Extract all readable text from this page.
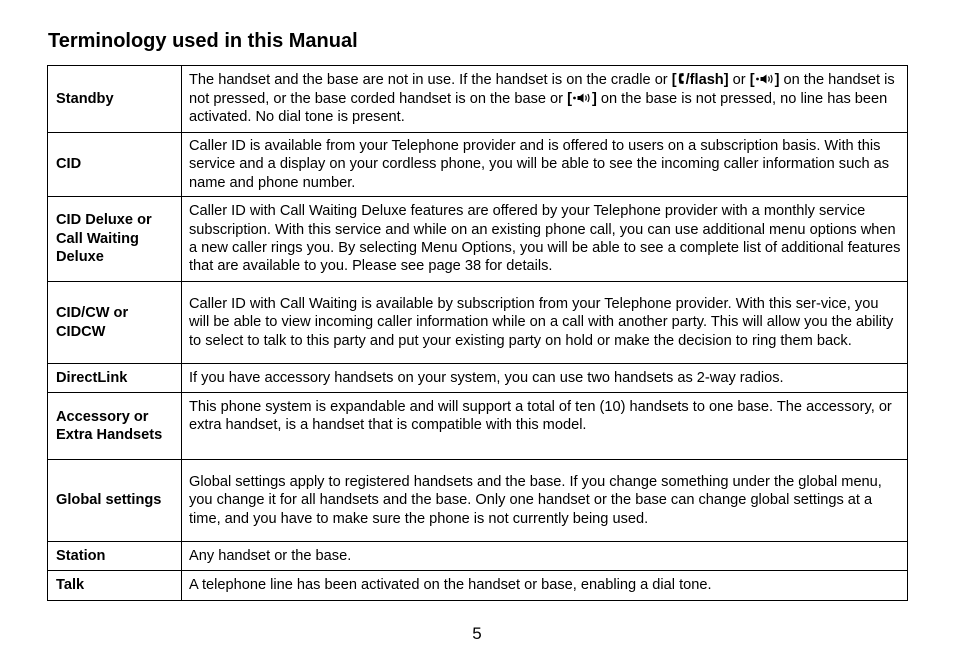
Terminology used in this Manual
Standby	The handset and the base are not in use. If the handset is on the cradle or [ /flash] or [ ] on the handset is not pressed, or the base corded handset is on the base or [ ] on the base is not pressed, no line has been activated. No dial tone is present.
CID	Caller ID is available from your Telephone provider and is offered to users on a subscription basis. With this service and a display on your cordless phone, you will be able to see the incoming caller information such as name and phone number.
CID Deluxe or Call Waiting Deluxe	Caller ID with Call Waiting Deluxe features are offered by your Telephone provider with a monthly service subscription. With this service and while on an existing phone call, you can use additional menu options when a new caller rings you. By selecting Menu Options, you will be able to see a complete list of additional features that are available to you. Please see page 38 for details.
CID/CW or CIDCW	Caller ID with Call Waiting is available by subscription from your Telephone provider. With this ser-vice, you will be able to view incoming caller information while on a call with another party. This will allow you the ability to select to talk to this party and put your existing party on hold or make the decision to ring them back.
DirectLink	If you have accessory handsets on your system, you can use two handsets as 2-way radios.
Accessory or Extra Handsets	This phone system is expandable and will support a total of ten (10) handsets to one base. The accessory, or extra handset, is a handset that is compatible with this model.
Global settings	Global settings apply to registered handsets and the base. If you change something under the global menu, you change it for all handsets and the base. Only one handset or the base can change global settings at a time, and you have to make sure the phone is not currently being used.
Station	Any handset or the base.
Talk	A telephone line has been activated on the handset or base, enabling a dial tone.
5
